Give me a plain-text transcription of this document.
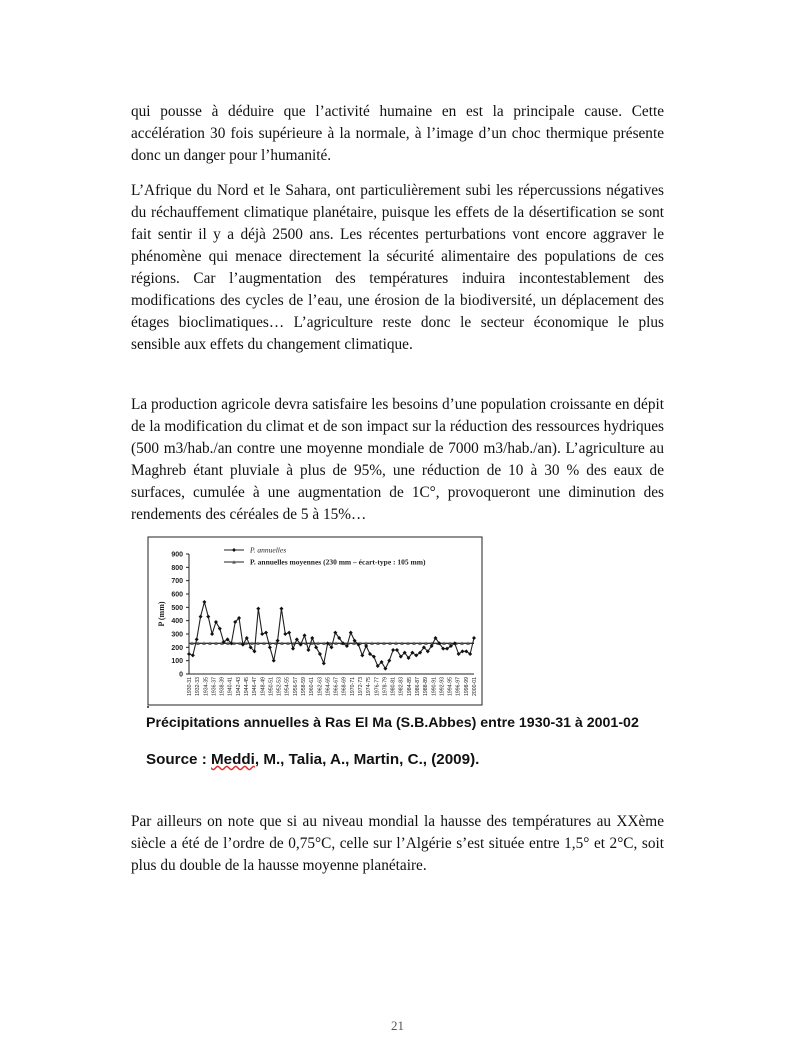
qui pousse à déduire que l’activité humaine en est la principale cause. Cette accélération 30 fois supérieure à la normale, à l’image d’un choc thermique présente donc un danger pour l’humanité.

L’Afrique du Nord et le Sahara, ont particulièrement subi les répercussions négatives du réchauffement climatique planétaire, puisque les effets de la désertification se sont fait sentir il y a déjà 2500 ans. Les récentes perturbations vont encore aggraver le phénomène qui menace directement la sécurité alimentaire des populations de ces régions. Car l’augmentation des températures induira incontestablement des modifications des cycles de l’eau, une érosion de la biodiversité, un déplacement des étages bioclimatiques… L’agriculture reste donc le secteur économique le plus sensible aux effets du changement climatique.

La production agricole devra satisfaire les besoins d’une population croissante en dépit de la modification du climat et de son impact sur la réduction des ressources hydriques (500 m3/hab./an contre une moyenne mondiale de 7000 m3/hab./an). L’agriculture au Maghreb étant pluviale à plus de 95%, une réduction de 10 à 30 % des eaux de surfaces, cumulée à une augmentation de 1C°, provoqueront une diminution des rendements des céréales de 5 à 15%…

0
100
200
300
400
500
600
700
800
900
P (mm)
1930-31 1932-33 1934-35 1936-37 1938-39 1940-41 1942-43 1944-45 1946-47 1948-49 1950-51 1952-53 1954-55 1956-57 1958-59 1960-61 1962-63 1964-65 1966-67 1968-69 1970-71 1972-73 1974-75 1976-77 1978-79 1980-81 1982-83 1984-85 1986-87 1988-89 1990-91 1992-93 1994-95 1996-97 1998-99 2000-01
P. annuelles
P. annuelles moyennes (230 mm – écart-type : 105 mm)
Précipitations annuelles à Ras El Ma (S.B.Abbes) entre 1930-31 à 2001-02
Source : Meddi, M., Talia, A., Martin, C., (2009).

Par ailleurs on note que si au niveau mondial la hausse des températures au XXème siècle a été de l’ordre de 0,75°C, celle sur l’Algérie s’est située entre 1,5° et 2°C, soit plus du double de la hausse moyenne planétaire.

21
